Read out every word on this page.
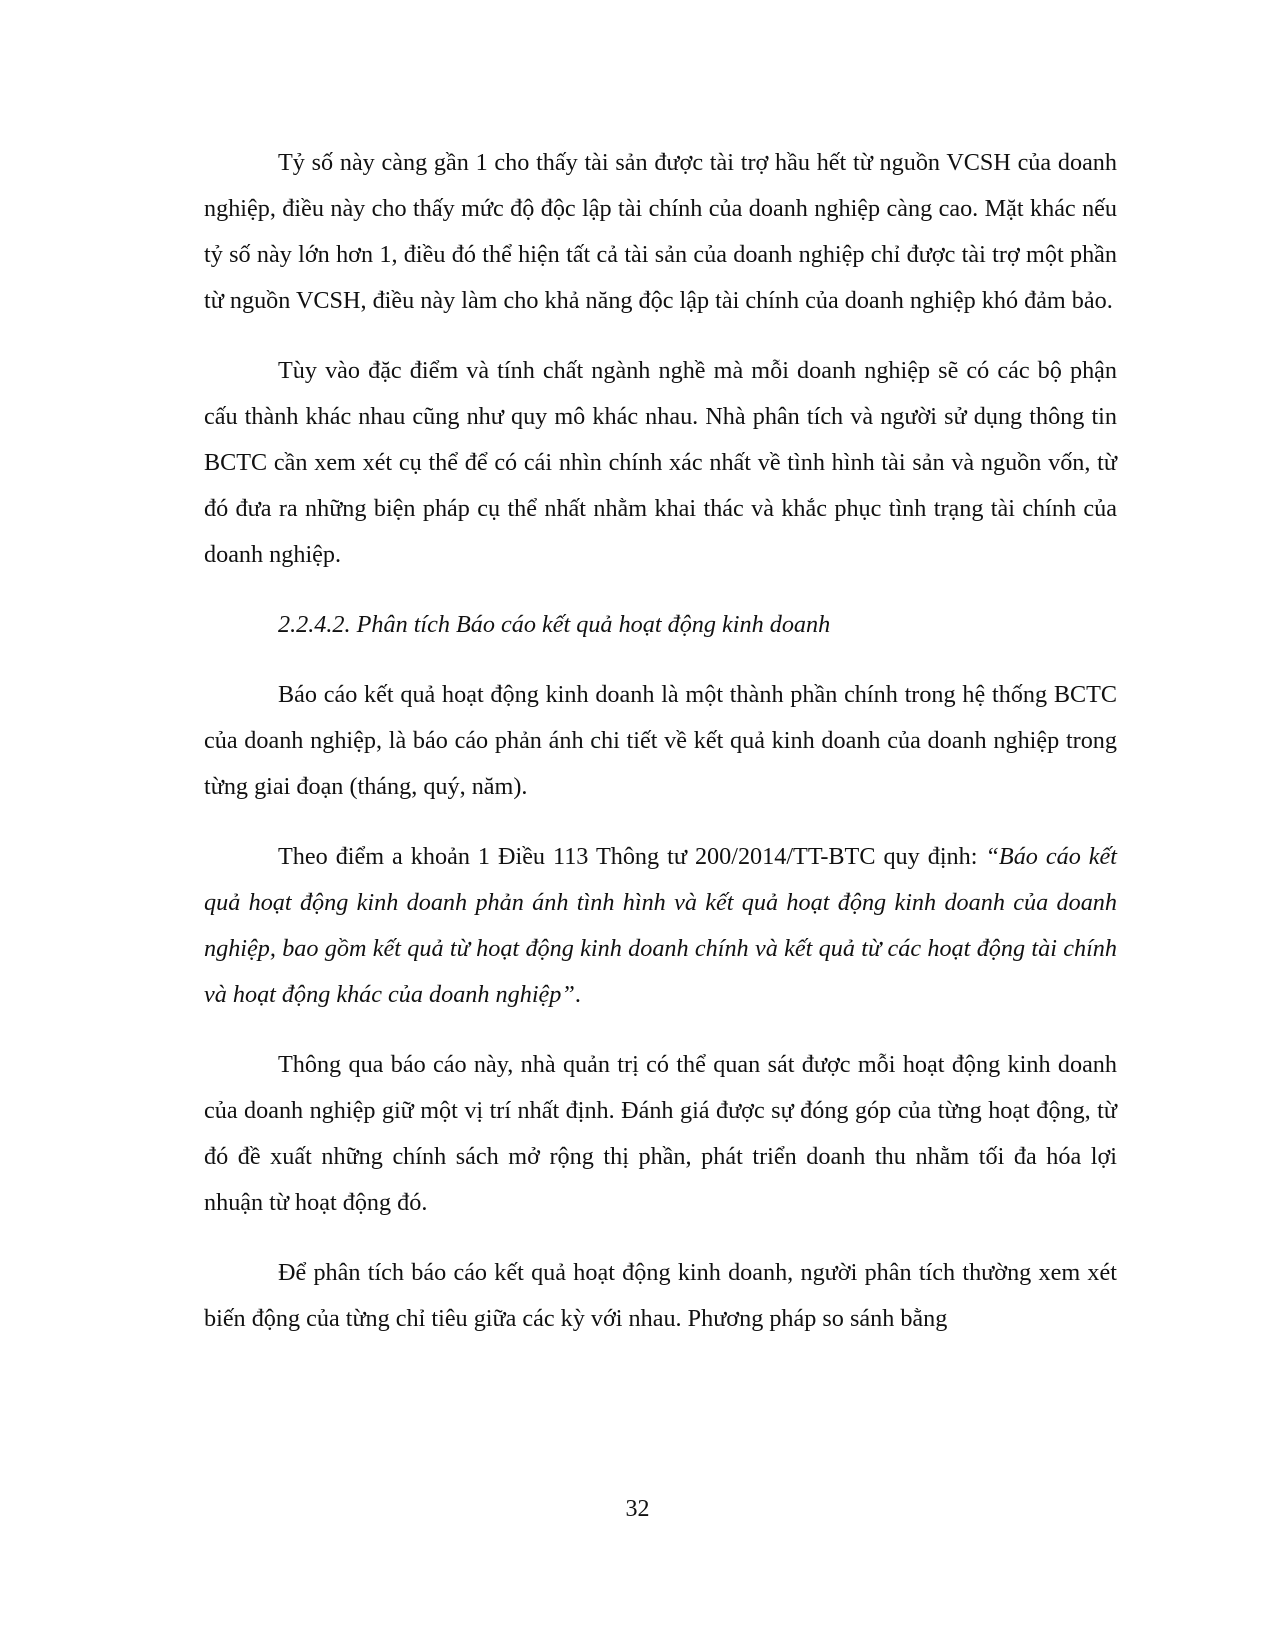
Tỷ số này càng gần 1 cho thấy tài sản được tài trợ hầu hết từ nguồn VCSH của doanh nghiệp, điều này cho thấy mức độ độc lập tài chính của doanh nghiệp càng cao. Mặt khác nếu tỷ số này lớn hơn 1, điều đó thể hiện tất cả tài sản của doanh nghiệp chỉ được tài trợ một phần từ nguồn VCSH, điều này làm cho khả năng độc lập tài chính của doanh nghiệp khó đảm bảo.

Tùy vào đặc điểm và tính chất ngành nghề mà mỗi doanh nghiệp sẽ có các bộ phận cấu thành khác nhau cũng như quy mô khác nhau. Nhà phân tích và người sử dụng thông tin BCTC cần xem xét cụ thể để có cái nhìn chính xác nhất về tình hình tài sản và nguồn vốn, từ đó đưa ra những biện pháp cụ thể nhất nhằm khai thác và khắc phục tình trạng tài chính của doanh nghiệp.

2.2.4.2. Phân tích Báo cáo kết quả hoạt động kinh doanh

Báo cáo kết quả hoạt động kinh doanh là một thành phần chính trong hệ thống BCTC của doanh nghiệp, là báo cáo phản ánh chi tiết về kết quả kinh doanh của doanh nghiệp trong từng giai đoạn (tháng, quý, năm).

Theo điểm a khoản 1 Điều 113 Thông tư 200/2014/TT-BTC quy định: “Báo cáo kết quả hoạt động kinh doanh phản ánh tình hình và kết quả hoạt động kinh doanh của doanh nghiệp, bao gồm kết quả từ hoạt động kinh doanh chính và kết quả từ các hoạt động tài chính và hoạt động khác của doanh nghiệp”.

Thông qua báo cáo này, nhà quản trị có thể quan sát được mỗi hoạt động kinh doanh của doanh nghiệp giữ một vị trí nhất định. Đánh giá được sự đóng góp của từng hoạt động, từ đó đề xuất những chính sách mở rộng thị phần, phát triển doanh thu nhằm tối đa hóa lợi nhuận từ hoạt động đó.

Để phân tích báo cáo kết quả hoạt động kinh doanh, người phân tích thường xem xét biến động của từng chỉ tiêu giữa các kỳ với nhau. Phương pháp so sánh bằng

32
